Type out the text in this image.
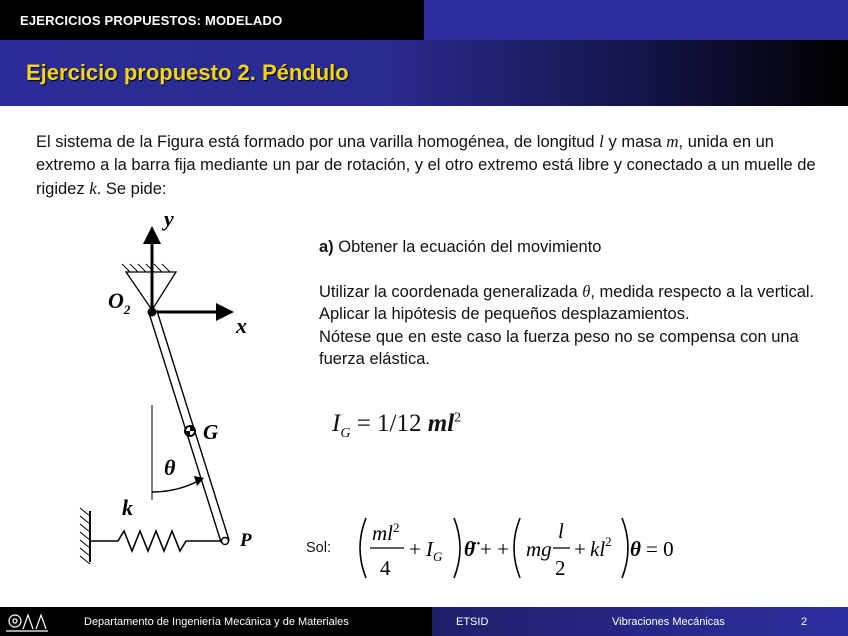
EJERCICIOS PROPUESTOS: MODELADO
Ejercicio propuesto 2. Péndulo
El sistema de la Figura está formado por una varilla homogénea, de longitud l y masa m, unida en un extremo a la barra fija mediante un par de rotación, y el otro extremo está libre y conectado a un muelle de rigidez k. Se pide:
y
x
$O_2$
G
θ
k
P
a) Obtener la ecuación del movimiento
Utilizar la coordenada generalizada θ, medida respecto a la vertical.
Aplicar la hipótesis de pequeños desplazamientos.
Nótese que en este caso la fuerza peso no se compensa con una fuerza elástica.
$I_G = 1/12$ $ml^2$
Sol:
$ml^2$
4
+ $I_G$ θ̈ + + mg
l
2
+ $kl^2$ θ = 0
Departamento de Ingeniería Mecánica y de Materiales	ETSID	Vibraciones Mecánicas	2
